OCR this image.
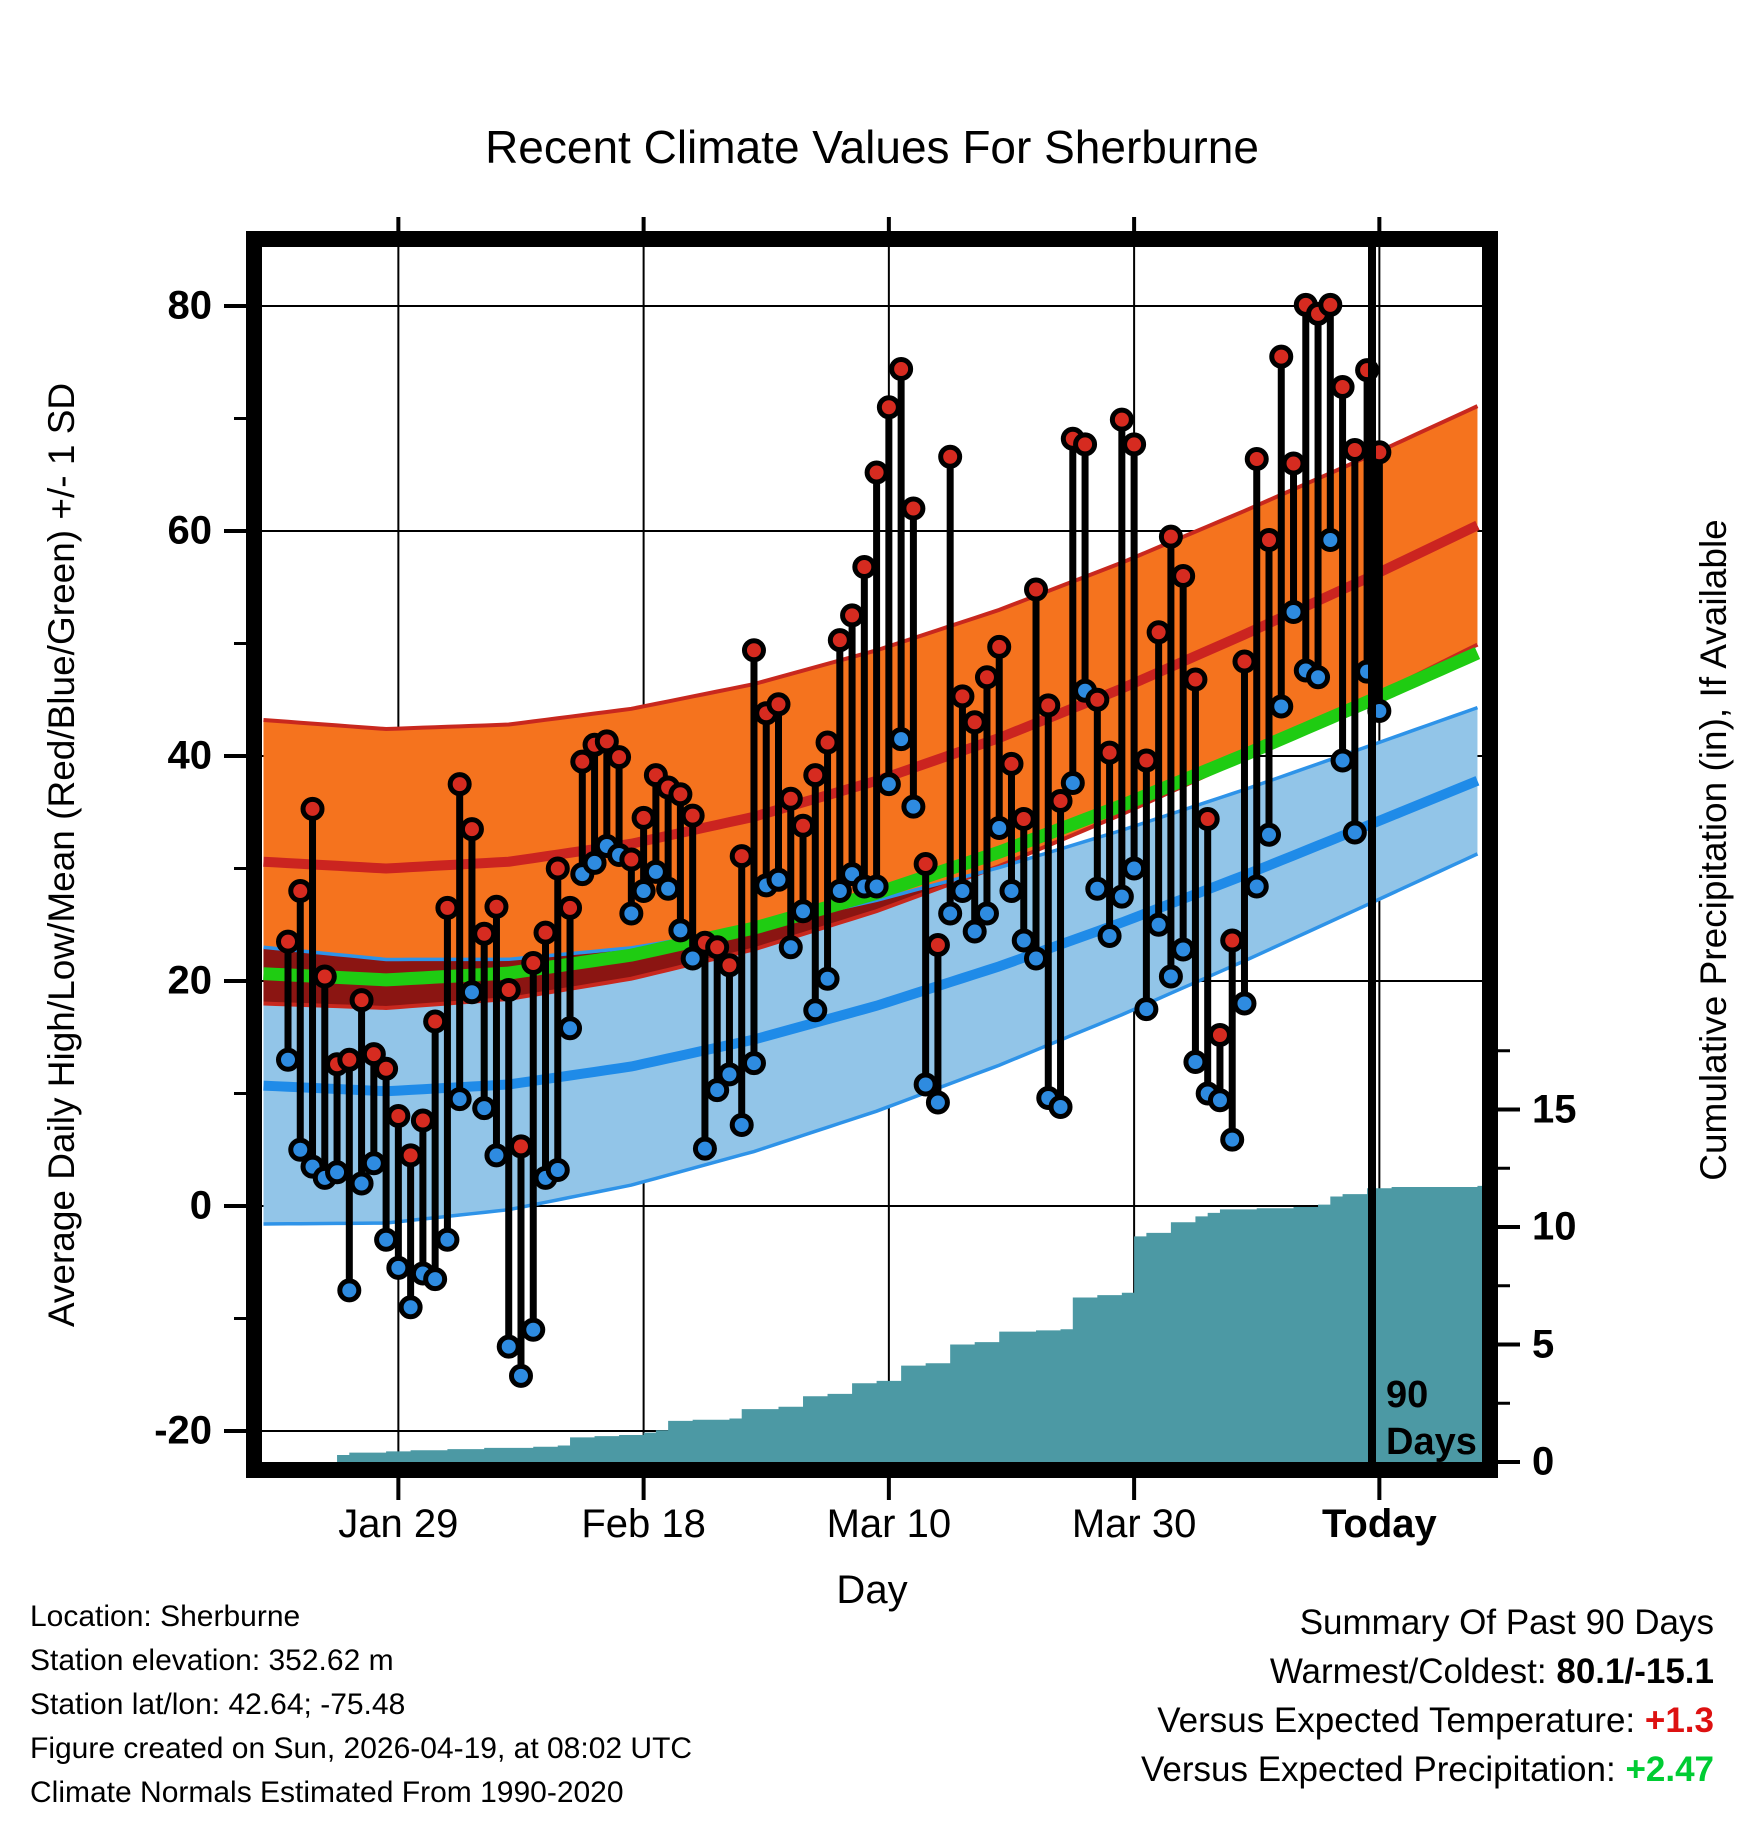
Recent Climate Values For Sherburne
Average Daily High/Low/Mean (Red/Blue/Green) +/- 1 SD	Cumulative Precipitation (in), If Available
Day
90
Days
Location: Sherburne
Station elevation: 352.62 m
Station lat/lon: 42.64; -75.48
Figure created on Sun, 2026-04-19, at 08:02 UTC
Climate Normals Estimated From 1990-2020
Summary Of Past 90 Days
Warmest/Coldest: 80.1/-15.1
Versus Expected Temperature: +1.3
Versus Expected Precipitation: +2.47
80
60
40
20
0
-20
15
10
5
0
Jan 29	Feb 18	Mar 10	Mar 30	Today
